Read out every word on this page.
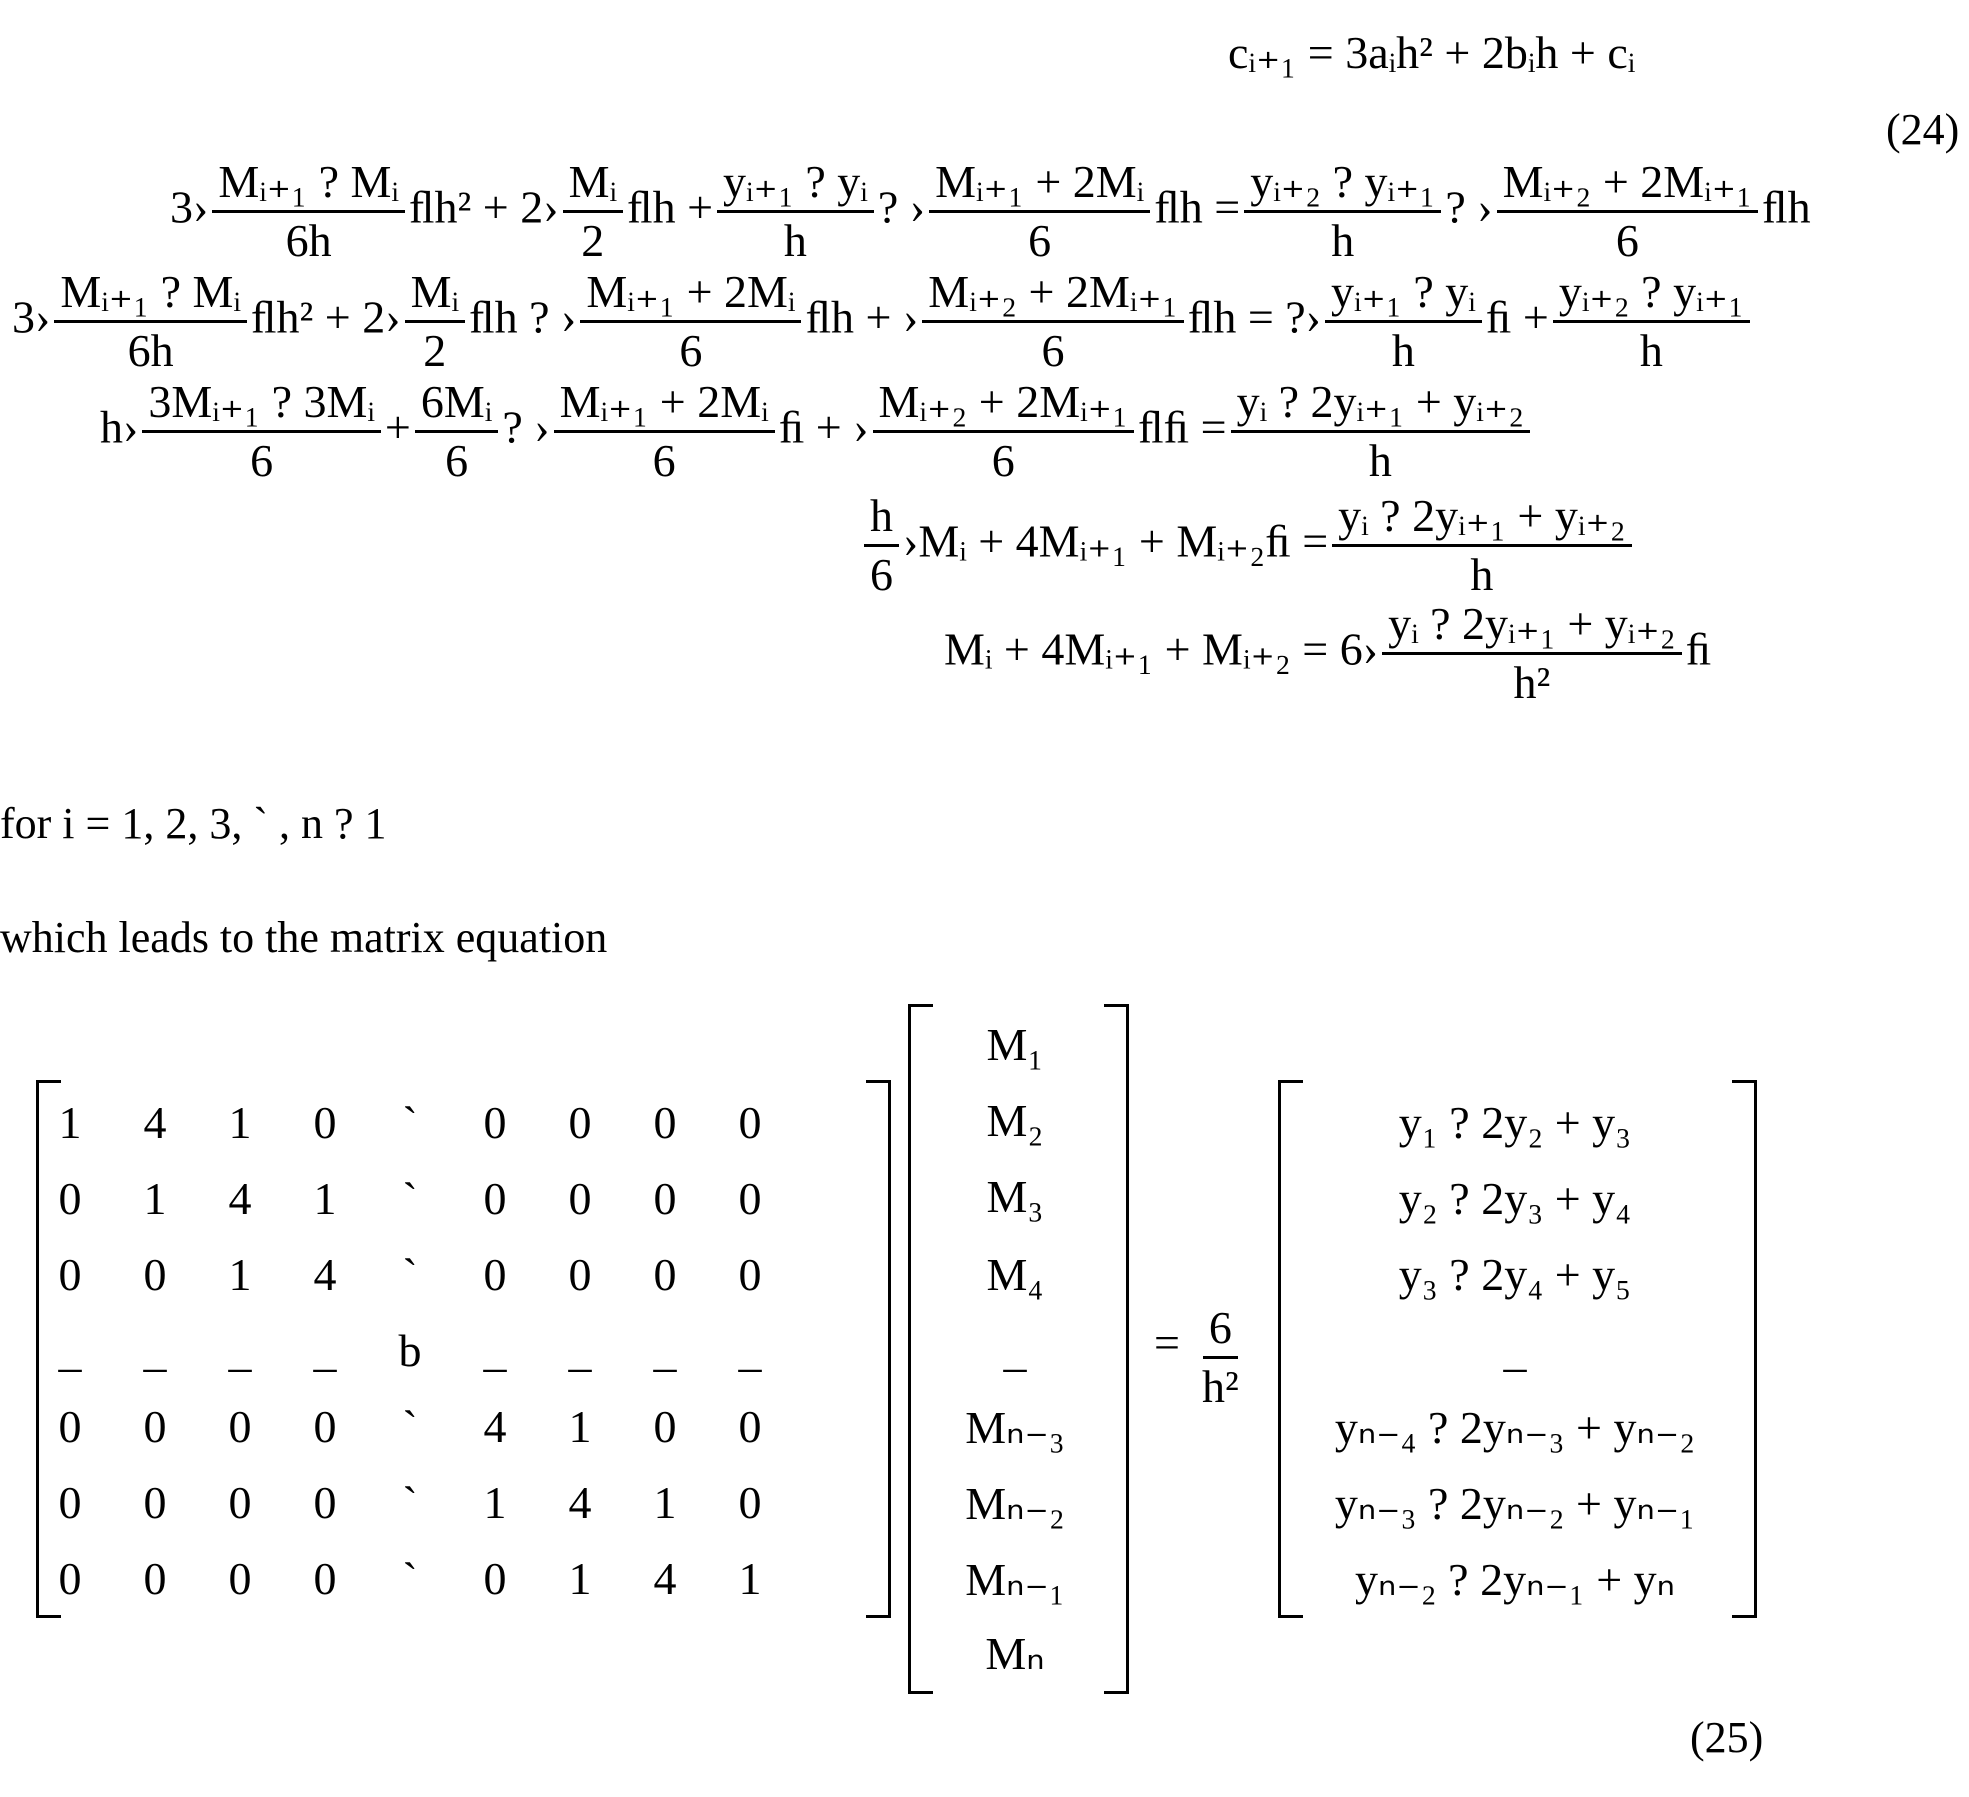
cᵢ₊₁ = 3aᵢh² + 2bᵢh + cᵢ
(24)
3› $\frac{\text{Mᵢ₊₁ ? Mᵢ}}{6h}$ ﬂh² + 2› $\frac{\text{Mᵢ}}{2}$ ﬂh + $\frac{\text{yᵢ₊₁ ? yᵢ}}{h}$ ? › $\frac{\text{Mᵢ₊₁ + 2Mᵢ}}{6}$ ﬂh = $\frac{\text{yᵢ₊₂ ? yᵢ₊₁}}{h}$ ? › $\frac{\text{Mᵢ₊₂ + 2Mᵢ₊₁}}{6}$ ﬂh
3› $\frac{\text{Mᵢ₊₁ ? Mᵢ}}{6h}$ ﬂh² + 2› $\frac{\text{Mᵢ}}{2}$ ﬂh ? › $\frac{\text{Mᵢ₊₁ + 2Mᵢ}}{6}$ ﬂh + › $\frac{\text{Mᵢ₊₂ + 2Mᵢ₊₁}}{6}$ ﬂh = ?› $\frac{\text{yᵢ₊₁ ? yᵢ}}{h}$ ﬁ + $\frac{\text{yᵢ₊₂ ? yᵢ₊₁}}{h}$
h› $\frac{\text{3Mᵢ₊₁ ? 3Mᵢ}}{6} + \frac{\text{6Mᵢ}}{6}$ ? › $\frac{\text{Mᵢ₊₁ + 2Mᵢ}}{6}$ ﬁ + › $\frac{\text{Mᵢ₊₂ + 2Mᵢ₊₁}}{6}$ ﬂﬁ = $\frac{\text{yᵢ ? 2yᵢ₊₁ + yᵢ₊₂}}{h}$
$\frac{h}{6}$ ›Mᵢ + 4Mᵢ₊₁ + Mᵢ₊₂ﬁ = $\frac{\text{yᵢ ? 2yᵢ₊₁ + yᵢ₊₂}}{h}$
Mᵢ + 4Mᵢ₊₁ + Mᵢ₊₂ = 6› $\frac{\text{yᵢ ? 2yᵢ₊₁ + yᵢ₊₂}}{\text{h²}}$ ﬁ
for i = 1, 2, 3, ` , n ? 1
which leads to the matrix equation
1	4	1	0	`	0	0	0	0
0	1	4	1	`	0	0	0	0
0	0	1	4	`	0	0	0	0
_	_	_	_	b	_	_	_	_
0	0	0	0	`	4	1	0	0
0	0	0	0	`	1	4	1	0
0	0	0	0	`	0	1	4	1
M₁
M₂
M₃
M₄
_
Mₙ₋₃
Mₙ₋₂
Mₙ₋₁
Mₙ
= $\frac{6}{\text{h²}}$
y₁ ? 2y₂ + y₃
y₂ ? 2y₃ + y₄
y₃ ? 2y₄ + y₅
_
yₙ₋₄ ? 2yₙ₋₃ + yₙ₋₂
yₙ₋₃ ? 2yₙ₋₂ + yₙ₋₁
yₙ₋₂ ? 2yₙ₋₁ + yₙ
(25)
